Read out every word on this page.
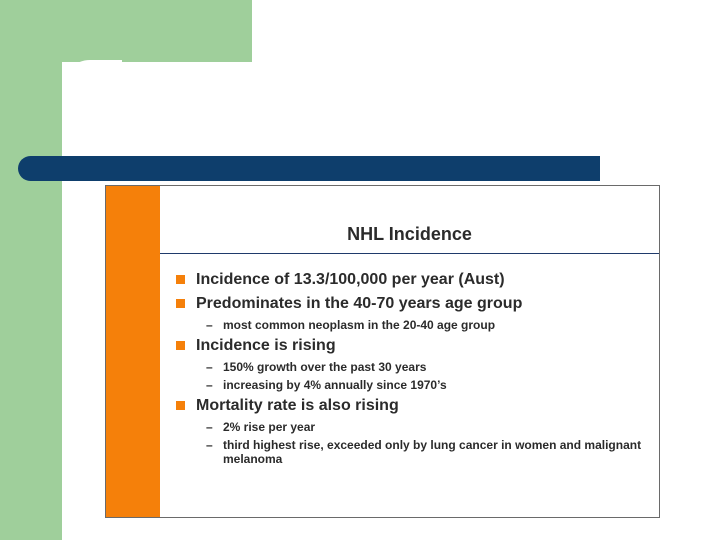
NHL Incidence
Incidence of 13.3/100,000 per year (Aust)
Predominates in the 40-70 years age group
– most common neoplasm in the 20-40 age group
Incidence is rising
– 150% growth over the past 30 years
– increasing by 4% annually since 1970’s
Mortality rate is also rising
– 2% rise per year
– third highest rise, exceeded only by lung cancer in women and malignant melanoma
